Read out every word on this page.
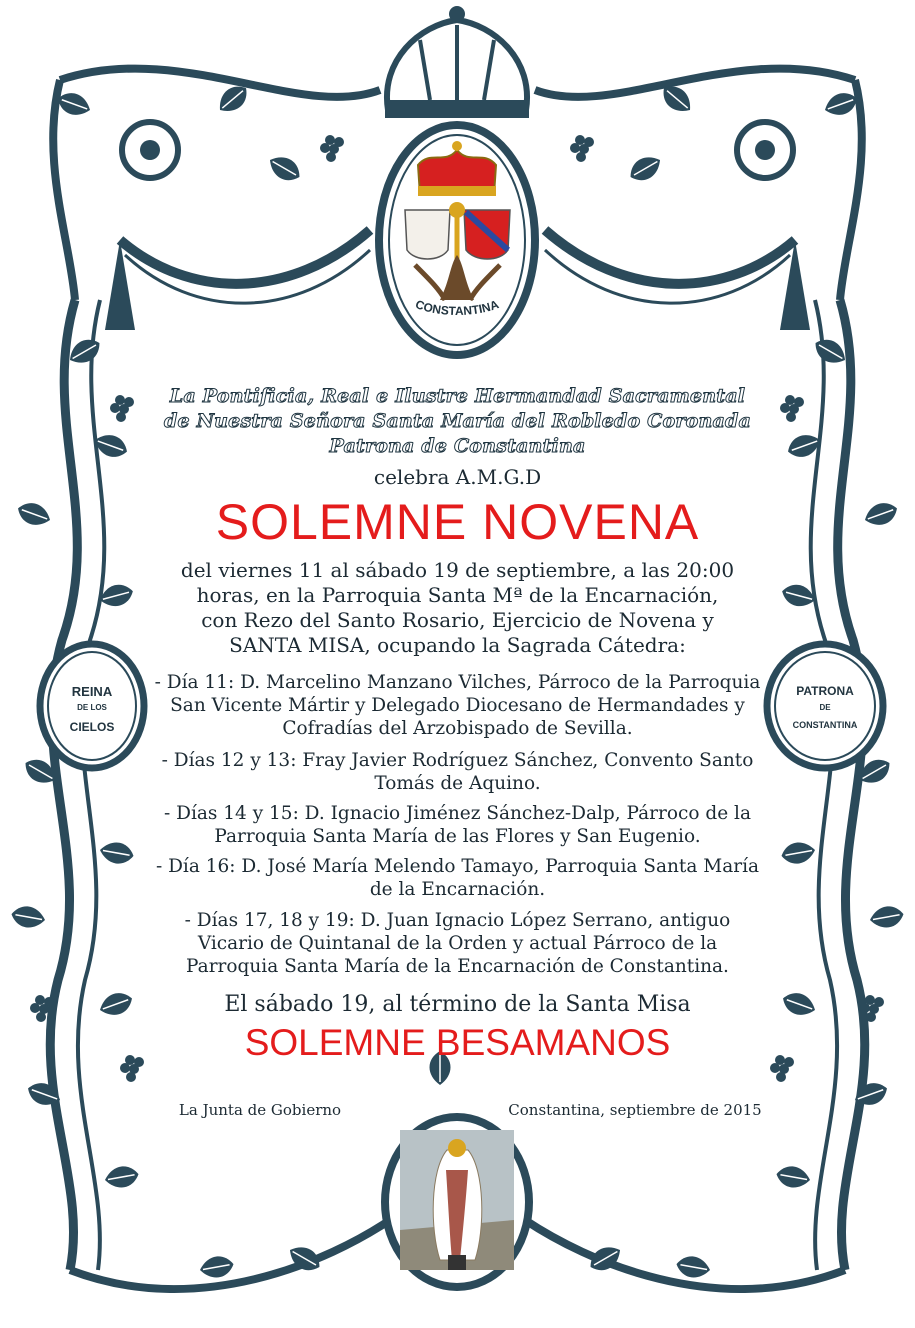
CONSTANTINA
REINA
DE LOS
CIELOS
PATRONA
DE
CONSTANTINA
La Pontificia, Real e Ilustre Hermandad Sacramental
de Nuestra Señora Santa María del Robledo Coronada
Patrona de Constantina
celebra A.M.G.D
SOLEMNE NOVENA
del viernes 11 al sábado 19 de septiembre, a las 20:00
horas, en la Parroquia Santa Mª de la Encarnación,
con Rezo del Santo Rosario, Ejercicio de Novena y
SANTA MISA, ocupando la Sagrada Cátedra:
- Día 11: D. Marcelino Manzano Vilches, Párroco de la Parroquia
San Vicente Mártir y Delegado Diocesano de Hermandades y
Cofradías del Arzobispado de Sevilla.
- Días 12 y 13: Fray Javier Rodríguez Sánchez, Convento Santo
Tomás de Aquino.
- Días 14 y 15: D. Ignacio Jiménez Sánchez-Dalp, Párroco de la
Parroquia Santa María de las Flores y San Eugenio.
- Día 16: D. José María Melendo Tamayo, Parroquia Santa María
de la Encarnación.
- Días 17, 18 y 19: D. Juan Ignacio López Serrano, antiguo
Vicario de Quintanal de la Orden y actual Párroco de la
Parroquia Santa María de la Encarnación de Constantina.
El sábado 19, al término de la Santa Misa
SOLEMNE BESAMANOS
La Junta de Gobierno	Constantina, septiembre de 2015
